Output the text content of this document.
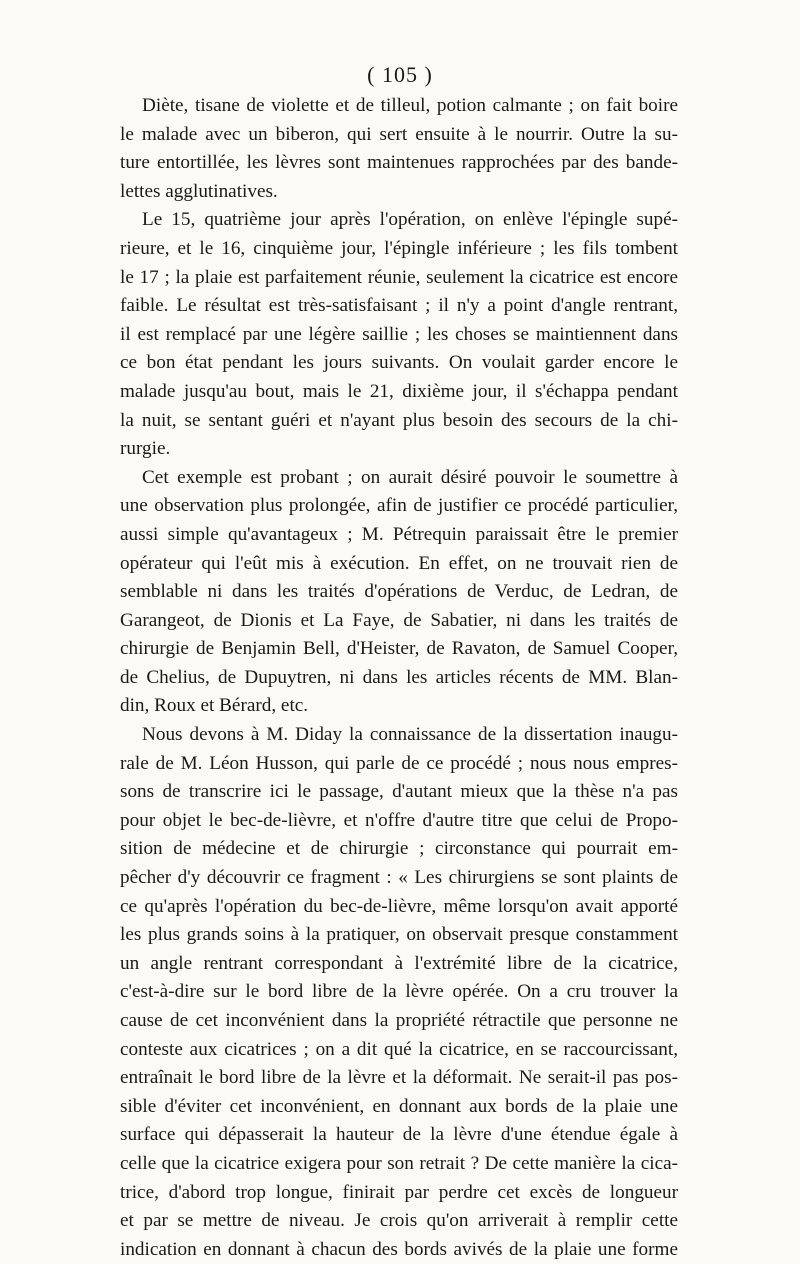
( 105 )
Diète, tisane de violette et de tilleul, potion calmante ; on fait boire
le malade avec un biberon, qui sert ensuite à le nourrir. Outre la su-
ture entortillée, les lèvres sont maintenues rapprochées par des bande-
lettes agglutinatives.
Le 15, quatrième jour après l'opération, on enlève l'épingle supé-
rieure, et le 16, cinquième jour, l'épingle inférieure ; les fils tombent
le 17 ; la plaie est parfaitement réunie, seulement la cicatrice est encore
faible. Le résultat est très-satisfaisant ; il n'y a point d'angle rentrant,
il est remplacé par une légère saillie ; les choses se maintiennent dans
ce bon état pendant les jours suivants. On voulait garder encore le
malade jusqu'au bout, mais le 21, dixième jour, il s'échappa pendant
la nuit, se sentant guéri et n'ayant plus besoin des secours de la chi-
rurgie.
Cet exemple est probant ; on aurait désiré pouvoir le soumettre à
une observation plus prolongée, afin de justifier ce procédé particulier,
aussi simple qu'avantageux ; M. Pétrequin paraissait être le premier
opérateur qui l'eût mis à exécution. En effet, on ne trouvait rien de
semblable ni dans les traités d'opérations de Verduc, de Ledran, de
Garangeot, de Dionis et La Faye, de Sabatier, ni dans les traités de
chirurgie de Benjamin Bell, d'Heister, de Ravaton, de Samuel Cooper,
de Chelius, de Dupuytren, ni dans les articles récents de MM. Blan-
din, Roux et Bérard, etc.
Nous devons à M. Diday la connaissance de la dissertation inaugu-
rale de M. Léon Husson, qui parle de ce procédé ; nous nous empres-
sons de transcrire ici le passage, d'autant mieux que la thèse n'a pas
pour objet le bec-de-lièvre, et n'offre d'autre titre que celui de Propo-
sition de médecine et de chirurgie ; circonstance qui pourrait em-
pêcher d'y découvrir ce fragment : « Les chirurgiens se sont plaints de
ce qu'après l'opération du bec-de-lièvre, même lorsqu'on avait apporté
les plus grands soins à la pratiquer, on observait presque constamment
un angle rentrant correspondant à l'extrémité libre de la cicatrice,
c'est-à-dire sur le bord libre de la lèvre opérée. On a cru trouver la
cause de cet inconvénient dans la propriété rétractile que personne ne
conteste aux cicatrices ; on a dit qué la cicatrice, en se raccourcissant,
entraînait le bord libre de la lèvre et la déformait. Ne serait-il pas pos-
sible d'éviter cet inconvénient, en donnant aux bords de la plaie une
surface qui dépasserait la hauteur de la lèvre d'une étendue égale à
celle que la cicatrice exigera pour son retrait ? De cette manière la cica-
trice, d'abord trop longue, finirait par perdre cet excès de longueur
et par se mettre de niveau. Je crois qu'on arriverait à remplir cette
indication en donnant à chacun des bords avivés de la plaie une forme
